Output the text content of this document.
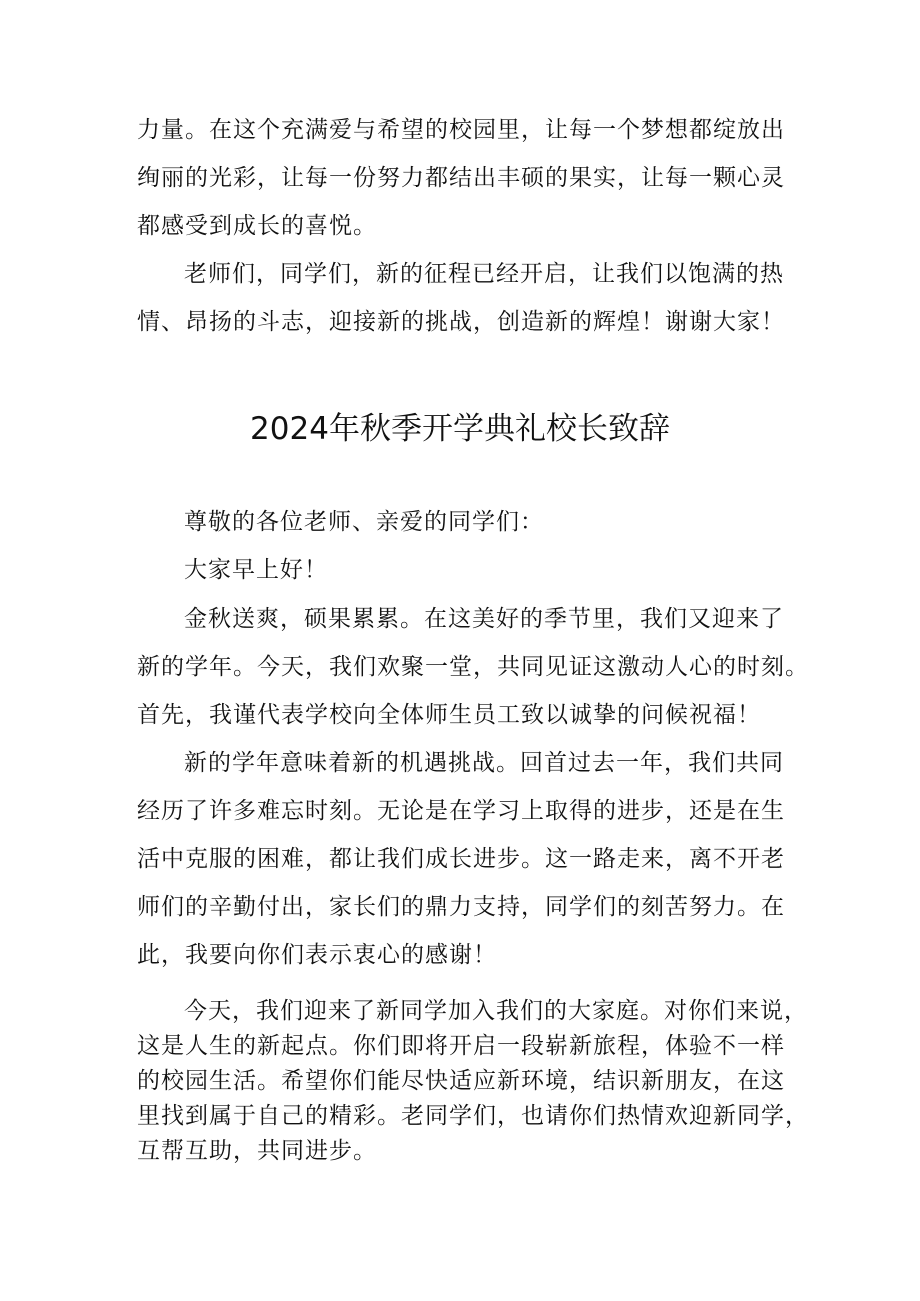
力量。在这个充满爱与希望的校园里，让每一个梦想都绽放出
绚丽的光彩，让每一份努力都结出丰硕的果实，让每一颗心灵
都感受到成长的喜悦。
老师们，同学们，新的征程已经开启，让我们以饱满的热
情、昂扬的斗志，迎接新的挑战，创造新的辉煌！谢谢大家！
2024年秋季开学典礼校长致辞
尊敬的各位老师、亲爱的同学们：
大家早上好！
金秋送爽，硕果累累。在这美好的季节里，我们又迎来了
新的学年。今天，我们欢聚一堂，共同见证这激动人心的时刻。
首先，我谨代表学校向全体师生员工致以诚挚的问候祝福！
新的学年意味着新的机遇挑战。回首过去一年，我们共同
经历了许多难忘时刻。无论是在学习上取得的进步，还是在生
活中克服的困难，都让我们成长进步。这一路走来，离不开老
师们的辛勤付出，家长们的鼎力支持，同学们的刻苦努力。在
此，我要向你们表示衷心的感谢！
今天，我们迎来了新同学加入我们的大家庭。对你们来说，
这是人生的新起点。你们即将开启一段崭新旅程，体验不一样
的校园生活。希望你们能尽快适应新环境，结识新朋友，在这
里找到属于自己的精彩。老同学们，也请你们热情欢迎新同学，
互帮互助，共同进步。
